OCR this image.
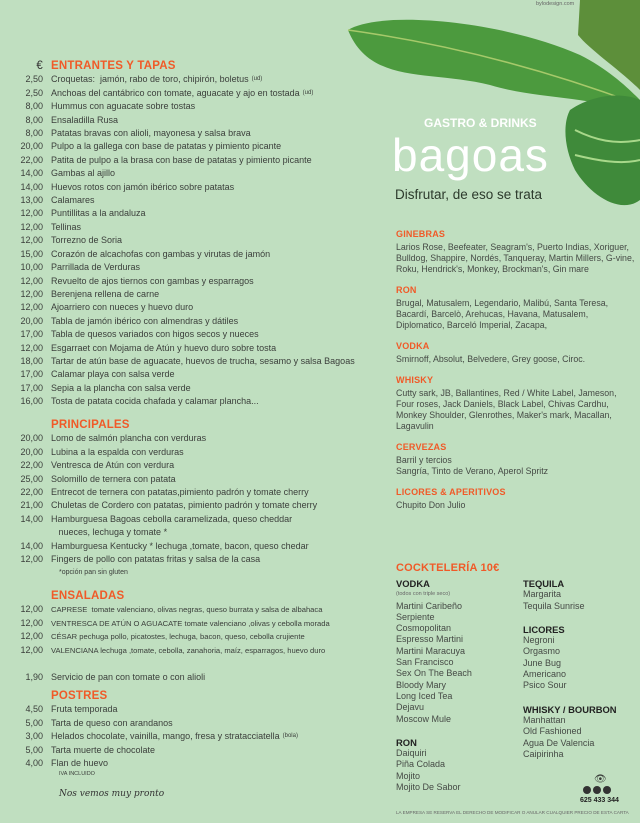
bylodesign.com
GASTRO & DRINKS
bagoas
Disfrutar, de eso se trata
€ ENTRANTES Y TAPAS
2,50 Croquetas:  jamón, rabo de toro, chipirón, boletus (ud)
2,50 Anchoas del cantábrico con tomate, aguacate y ajo en tostada (ud)
8,00 Hummus con aguacate sobre tostas
8,00 Ensaladilla Rusa
8,00 Patatas bravas con alioli, mayonesa y salsa brava
20,00 Pulpo a la gallega con base de patatas y pimiento picante
22,00 Patita de pulpo a la brasa con base de patatas y pimiento picante
14,00 Gambas al ajillo
14,00 Huevos rotos con jamón ibérico sobre patatas
13,00 Calamares
12,00 Puntillitas a la andaluza
12,00 Tellinas
12,00 Torrezno de Soria
15,00 Corazón de alcachofas con gambas y virutas de jamón
10,00 Parrillada de Verduras
12,00 Revuelto de ajos tiernos con gambas y esparragos
12,00 Berenjena rellena de carne
12,00 Ajoarriero con nueces y huevo duro
20,00 Tabla de jamón ibérico con almendras y dátiles
17,00 Tabla de quesos variados con higos secos y nueces
12,00 Esgarraet con Mojama de Atún y huevo duro sobre tosta
18,00 Tartar de atún base de aguacate, huevos de trucha, sesamo y salsa Bagoas
17,00 Calamar playa con salsa verde
17,00 Sepia a la plancha con salsa verde
16,00 Tosta de patata cocida chafada y calamar plancha...
PRINCIPALES
20,00 Lomo de salmón plancha con verduras
20,00 Lubina a la espalda con verduras
22,00 Ventresca de Atún con verdura
25,00 Solomillo de ternera con patata
22,00 Entrecot de ternera con patatas,pimiento padrón y tomate cherry
21,00 Chuletas de Cordero con patatas, pimiento padrón y tomate cherry
14,00 Hamburguesa Bagoas cebolla caramelizada, queso cheddar
nueces, lechuga y tomate *
14,00 Hamburguesa Kentucky * lechuga ,tomate, bacon, queso chedar
12,00 Fingers de pollo con patatas fritas y salsa de la casa
*opción pan sin gluten
ENSALADAS
12,00	CAPRESE  tomate valenciano, olivas negras, queso burrata y salsa de albahaca
12,00	VENTRESCA DE ATÚN O AGUACATE tomate valenciano ,olivas y cebolla morada
12,00	CÉSAR pechuga pollo, picatostes, lechuga, bacon, queso, cebolla crujiente
12,00	VALENCIANA lechuga ,tomate, cebolla, zanahoria, maíz, esparragos, huevo duro
1,90 Servicio de pan con tomate o con alioli
POSTRES
4,50 Fruta temporada
5,00 Tarta de queso con arandanos
3,00 Helados chocolate, vainilla, mango, fresa y stratacciatella (bola)
5,00 Tarta muerte de chocolate
4,00 Flan de huevo
IVA INCLUIDO
Nos vemos muy pronto
GINEBRAS
Larios Rose, Beefeater, Seagram's, Puerto Indias, Xoriguer, Bulldog, Shappire, Nordés, Tanqueray, Martin Millers, G-vine, Roku, Hendrick's, Monkey, Brockman's, Gin mare
RON
Brugal, Matusalem, Legendario, Malibú, Santa Teresa, Bacardí, Barcelò, Arehucas, Havana, Matusalem, Diplomatico, Barceló Imperial, Zacapa,
VODKA
Smirnoff, Absolut, Belvedere, Grey goose, Ciroc.
WHISKY
Cutty sark, JB, Ballantines, Red / White Label, Jameson, Four roses, Jack Daniels, Black Label, Chivas Cardhu, Monkey Shoulder, Glenrothes, Maker's mark, Macallan, Lagavulin
CERVEZAS
Barril y tercios
Sangría, Tinto de Verano, Aperol Spritz
LICORES & APERITIVOS
Chupito Don Julio
COCKTELERÍA 10€
VODKA
(todos con triple seco)
Martini Caribeño
Serpiente
Cosmopolitan
Espresso Martini
Martini Maracuya
San Francisco
Sex On The Beach
Bloody Mary
Long Iced Tea
Dejavu
Moscow Mule
RON
Daiquiri
Piña Colada
Mojito
Mojito De Sabor
TEQUILA
Margarita
Tequila Sunrise
LICORES
Negroni
Orgasmo
June Bug
Americano
Psico Sour
WHISKY / BOURBON
Manhattan
Old Fashioned
Agua De Valencia
Caipirinha
👁
625 433 344
LA EMPRESA SE RESERVA EL DERECHO DE MODIFICAR O ANULAR CUALQUIER PRECIO DE ESTA CARTA
